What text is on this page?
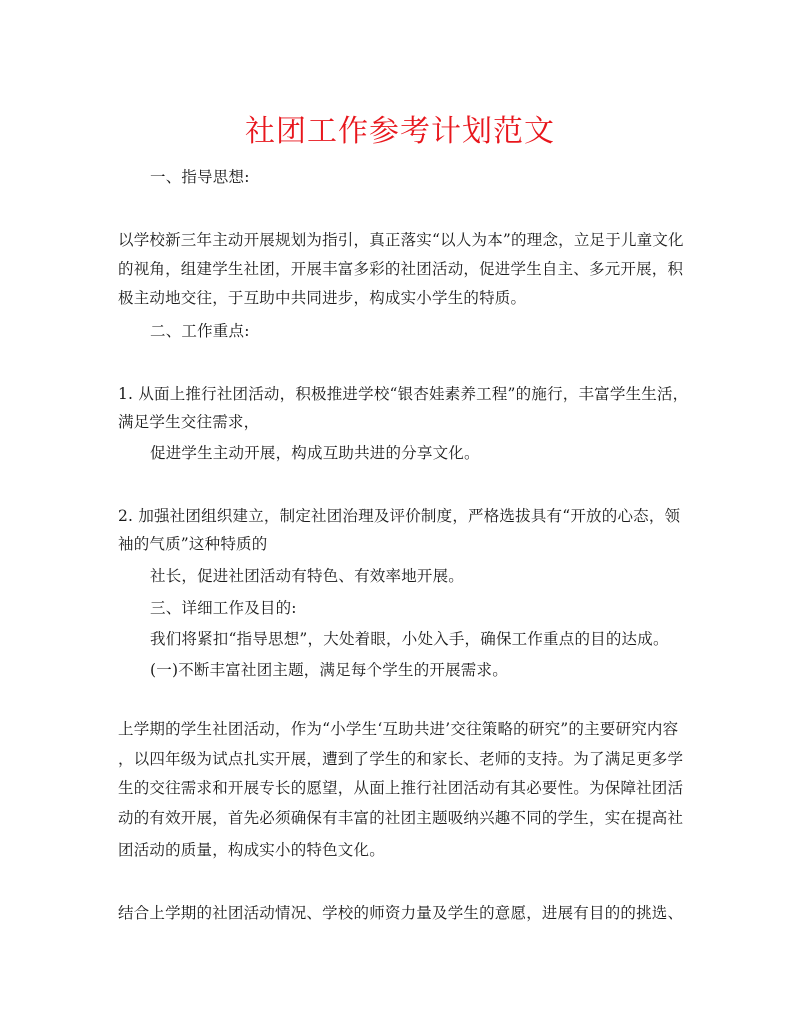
社团工作参考计划范文
一、指导思想:
以学校新三年主动开展规划为指引，真正落实“以人为本”的理念，立足于儿童文化
的视角，组建学生社团，开展丰富多彩的社团活动，促进学生自主、多元开展，积
极主动地交往，于互助中共同进步，构成实小学生的特质。
二、工作重点:
1. 从面上推行社团活动，积极推进学校“银杏娃素养工程”的施行，丰富学生生活，
满足学生交往需求，
促进学生主动开展，构成互助共进的分享文化。
2. 加强社团组织建立，制定社团治理及评价制度，严格选拔具有“开放的心态，领
袖的气质”这种特质的
社长，促进社团活动有特色、有效率地开展。
三、详细工作及目的:
我们将紧扣“指导思想”，大处着眼，小处入手，确保工作重点的目的达成。
(一)不断丰富社团主题，满足每个学生的开展需求。
上学期的学生社团活动，作为“小学生‘互助共进’交往策略的研究”的主要研究内容
，以四年级为试点扎实开展，遭到了学生的和家长、老师的支持。为了满足更多学
生的交往需求和开展专长的愿望，从面上推行社团活动有其必要性。为保障社团活
动的有效开展，首先必须确保有丰富的社团主题吸纳兴趣不同的学生，实在提高社
团活动的质量，构成实小的特色文化。
结合上学期的社团活动情况、学校的师资力量及学生的意愿，进展有目的的挑选、
